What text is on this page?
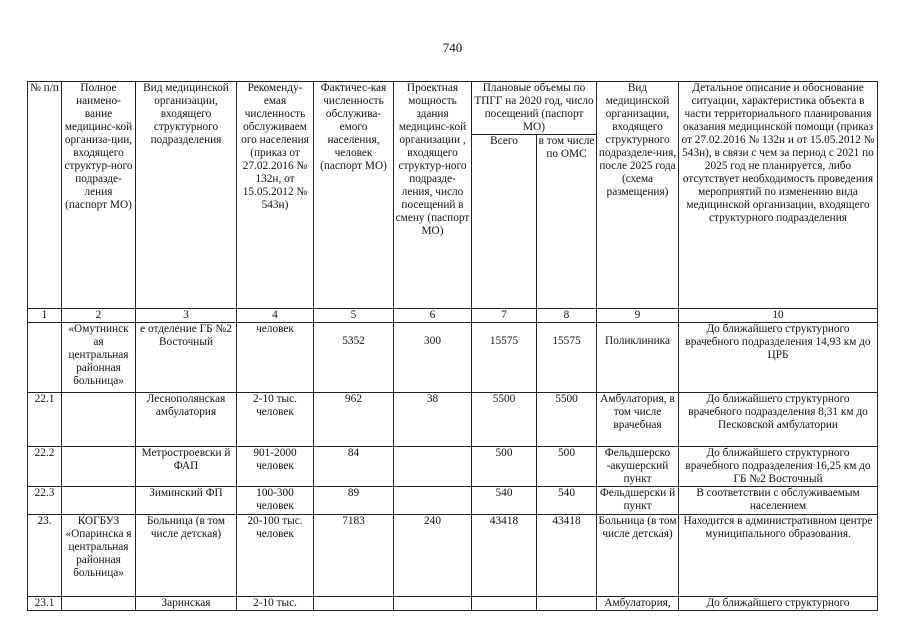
740
№ п/п	Полное наимено-вание медицинс-кой организа-ции, входящего структур-ного подразде-ления (паспорт МО)	Вид медицинской организации, входящего структурного подразделения	Рекоменду-емая численность обслуживаем ого населения (приказ от 27.02.2016 № 132н, от 15.05.2012 № 543н)	Фактичес-кая численность обслужива-емого населения, человек (паспорт МО)	Проектная мощность здания медицинс-кой организации , входящего структур-ного подразде-ления, число посещений в смену (паспорт МО)	Плановые объемы по ТПГГ на 2020 год, число посещений (паспорт МО)		Вид медицинской организации, входящего структурного подразделе-ния, после 2025 года (схема размещения)	Детальное описание и обоснование ситуации, характеристика объекта в части территориального планирования оказания медицинской помощи (приказ от 27.02.2016 № 132н и от 15.05.2012 № 543н), в связи с чем за период с 2021 по 2025 год не планируется, либо отсутствует необходимость проведения мероприятий по изменению вида медицинской организации, входящего структурного подразделения
						Всего	в том числе по ОМС		
1	2	3	4	5	6	7	8	9	10
	«Омутнинск ая центральная районная больница»	е отделение ГБ №2 Восточный	человек	5352	300	15575	15575	Поликлиника	До ближайшего структурного врачебного подразделения 14,93 км до ЦРБ
22.1		Леснополянская амбулатория	2-10 тыс. человек	962	38	5500	5500	Амбулатория, в том числе врачебная	До ближайшего структурного врачебного подразделения 8,31 км до Песковской амбулатории
22.2		Метростроевски й ФАП	901-2000 человек	84		500	500	Фельдшерско -акушерский пункт	До ближайшего структурного врачебного подразделения 16,25 км до ГБ №2 Восточный
22.3		Зиминский ФП	100-300 человек	89		540	540	Фельдшерски й пункт	В соответствии с обслуживаемым населением
23.	КОГБУЗ «Опаринска я центральная районная больница»	Больница (в том числе детская)	20-100 тыс. человек	7183	240	43418	43418	Больница (в том числе детская)	Находится в административном центре муниципального образования.
23.1		Заринская	2-10 тыс.					Амбулатория,	До ближайшего структурного
